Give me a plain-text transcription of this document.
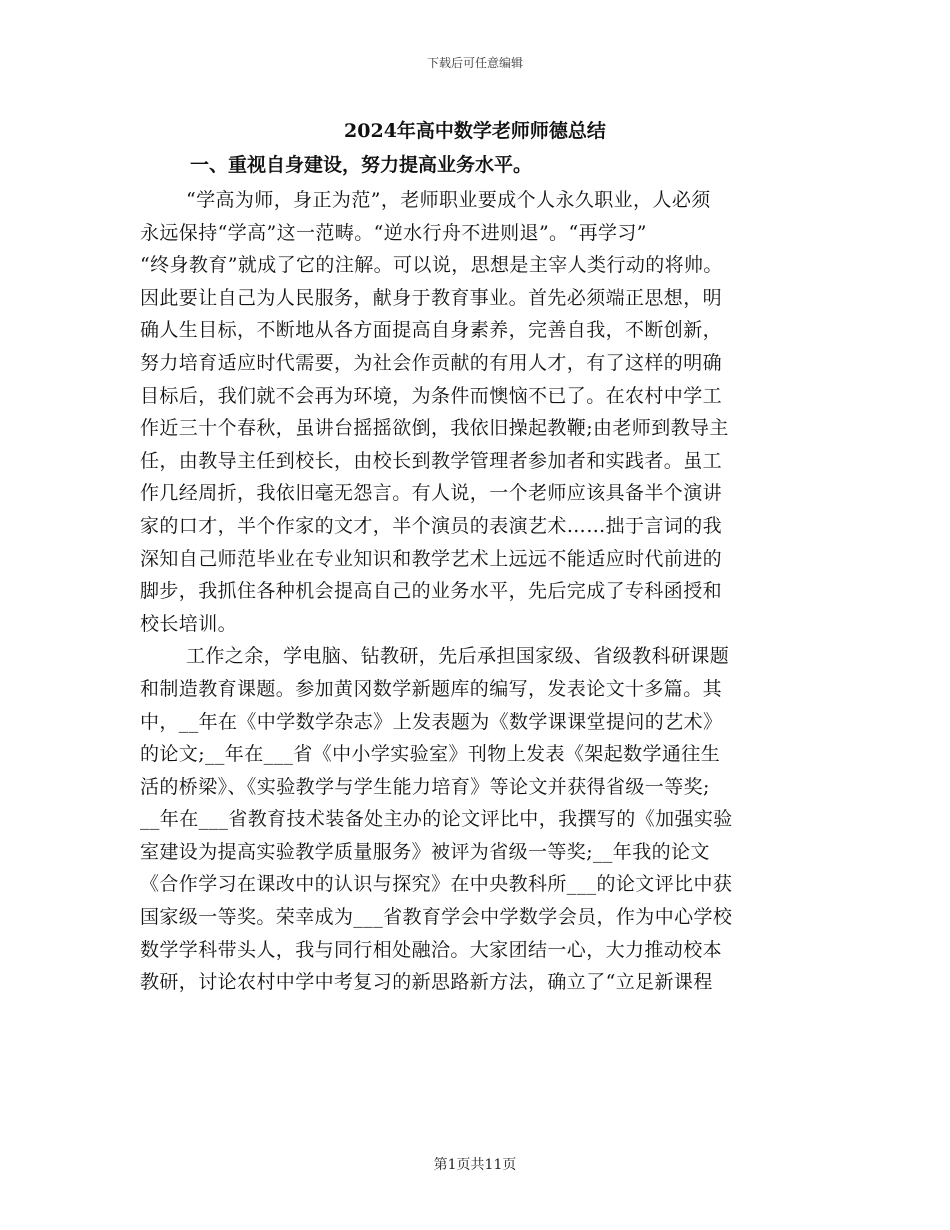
下载后可任意编辑
2024年高中数学老师师德总结
一、重视自身建设，努力提高业务水平。
“学高为师，身正为范”，老师职业要成个人永久职业，人必须
永远保持“学高”这一范畴。“逆水行舟不进则退”。“再学习”
“终身教育”就成了它的注解。可以说，思想是主宰人类行动的将帅。
因此要让自己为人民服务，献身于教育事业。首先必须端正思想，明
确人生目标，不断地从各方面提高自身素养，完善自我，不断创新，
努力培育适应时代需要，为社会作贡献的有用人才，有了这样的明确
目标后，我们就不会再为环境，为条件而懊恼不已了。在农村中学工
作近三十个春秋，虽讲台摇摇欲倒，我依旧操起教鞭;由老师到教导主
任，由教导主任到校长，由校长到教学管理者参加者和实践者。虽工
作几经周折，我依旧毫无怨言。有人说，一个老师应该具备半个演讲
家的口才，半个作家的文才，半个演员的表演艺术……拙于言词的我
深知自己师范毕业在专业知识和教学艺术上远远不能适应时代前进的
脚步，我抓住各种机会提高自己的业务水平，先后完成了专科函授和
校长培训。
工作之余，学电脑、钻教研，先后承担国家级、省级教科研课题
和制造教育课题。参加黄冈数学新题库的编写，发表论文十多篇。其
中，__年在《中学数学杂志》上发表题为《数学课课堂提问的艺术》
的论文;__年在___省《中小学实验室》刊物上发表《架起数学通往生
活的桥梁》、《实验教学与学生能力培育》等论文并获得省级一等奖;
__年在___省教育技术装备处主办的论文评比中，我撰写的《加强实验
室建设为提高实验教学质量服务》被评为省级一等奖;__年我的论文
《合作学习在课改中的认识与探究》在中央教科所___的论文评比中获
国家级一等奖。荣幸成为___省教育学会中学数学会员，作为中心学校
数学学科带头人，我与同行相处融洽。大家团结一心，大力推动校本
教研，讨论农村中学中考复习的新思路新方法，确立了“立足新课程
第1页共11页
